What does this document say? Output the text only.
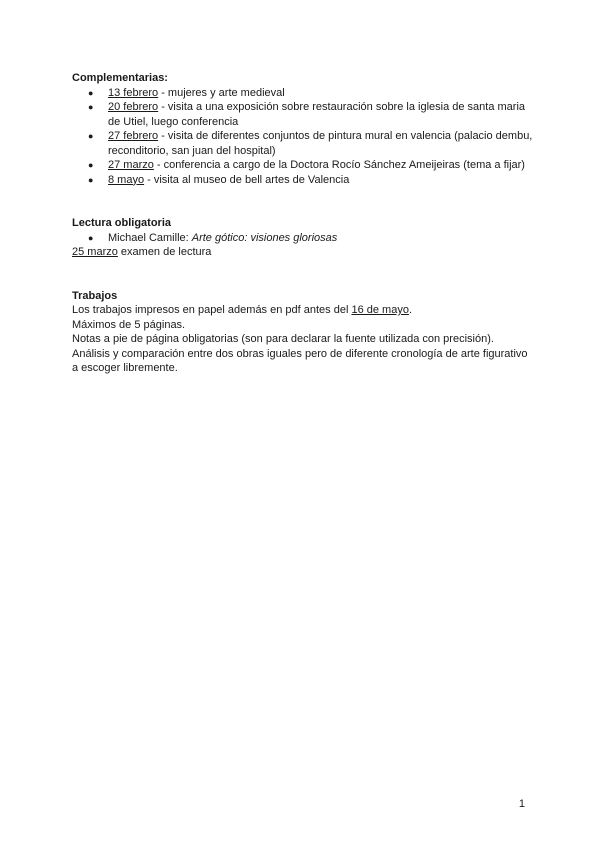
Complementarias:

● 13 febrero - mujeres y arte medieval
● 20 febrero - visita a una exposición sobre restauración sobre la iglesia de santa maria de Utiel, luego conferencia
● 27 febrero - visita de diferentes conjuntos de pintura mural en valencia (palacio dembu, reconditorio, san juan del hospital)
● 27 marzo - conferencia a cargo de la Doctora Rocío Sánchez Ameijeiras (tema a fijar)
● 8 mayo - visita al museo de bell artes de Valencia

Lectura obligatoria

● Michael Camille: Arte gótico: visiones gloriosas

25 marzo examen de lectura

Trabajos

Los trabajos impresos en papel además en pdf antes del 16 de mayo.

Máximos de 5 páginas.

Notas a pie de página obligatorias (son para declarar la fuente utilizada con precisión).

Análisis y comparación entre dos obras iguales pero de diferente cronología de arte figurativo a escoger libremente.

1
